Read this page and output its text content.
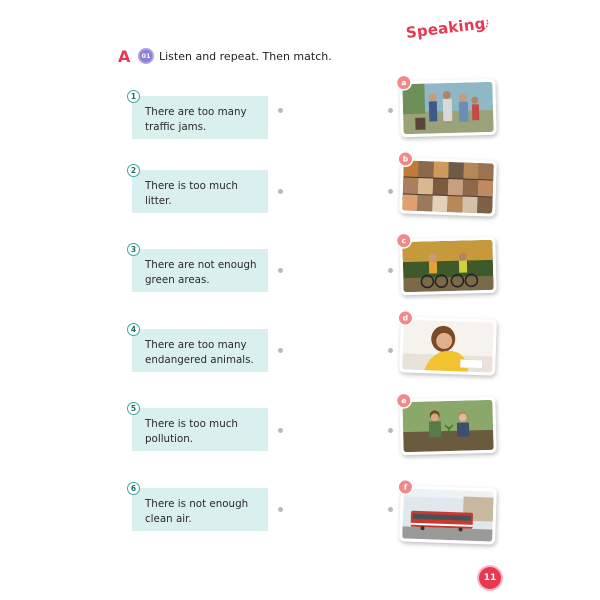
Speaking
A	01 Listen and repeat. Then match.
1
There are too many
traffic jams.
2
There is too much litter.
3
There are not enough
green areas.
4
There are too many
endangered animals.
5
There is too much
pollution.
6
There is not enough
clean air.
a
b
c
d
e
f
11
